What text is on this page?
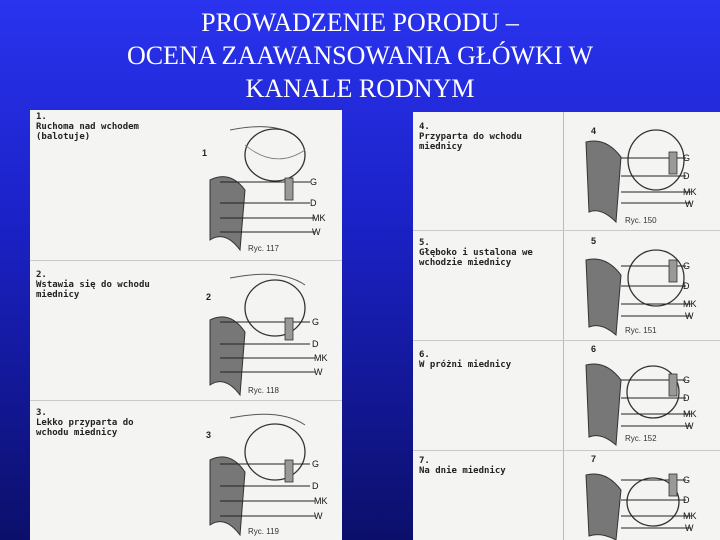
PROWADZENIE PORODU –
OCENA ZAAWANSOWANIA GŁÓWKI W
KANALE RODNYM
1.
Ruchoma nad wchodem
(balotuje)
1
G
D
MK
W
Ryc. 117
2.
Wstawia się do wchodu
miednicy	2
G
D
MK
W
Ryc. 118
3.
Lekko przyparta do
wchodu miednicy	3
G
D
MK
W
Ryc. 119
4.
Przyparta do wchodu
miednicy
4
G
D
MK
W
Ryc. 150
5.
Głęboko i ustalona we
wchodzie miednicy
5
G
D
MK
W
Ryc. 151
6.
W próżni miednicy
6
G
D
MK
W
Ryc. 152
7.
Na dnie miednicy
7
G
D
MK
W
